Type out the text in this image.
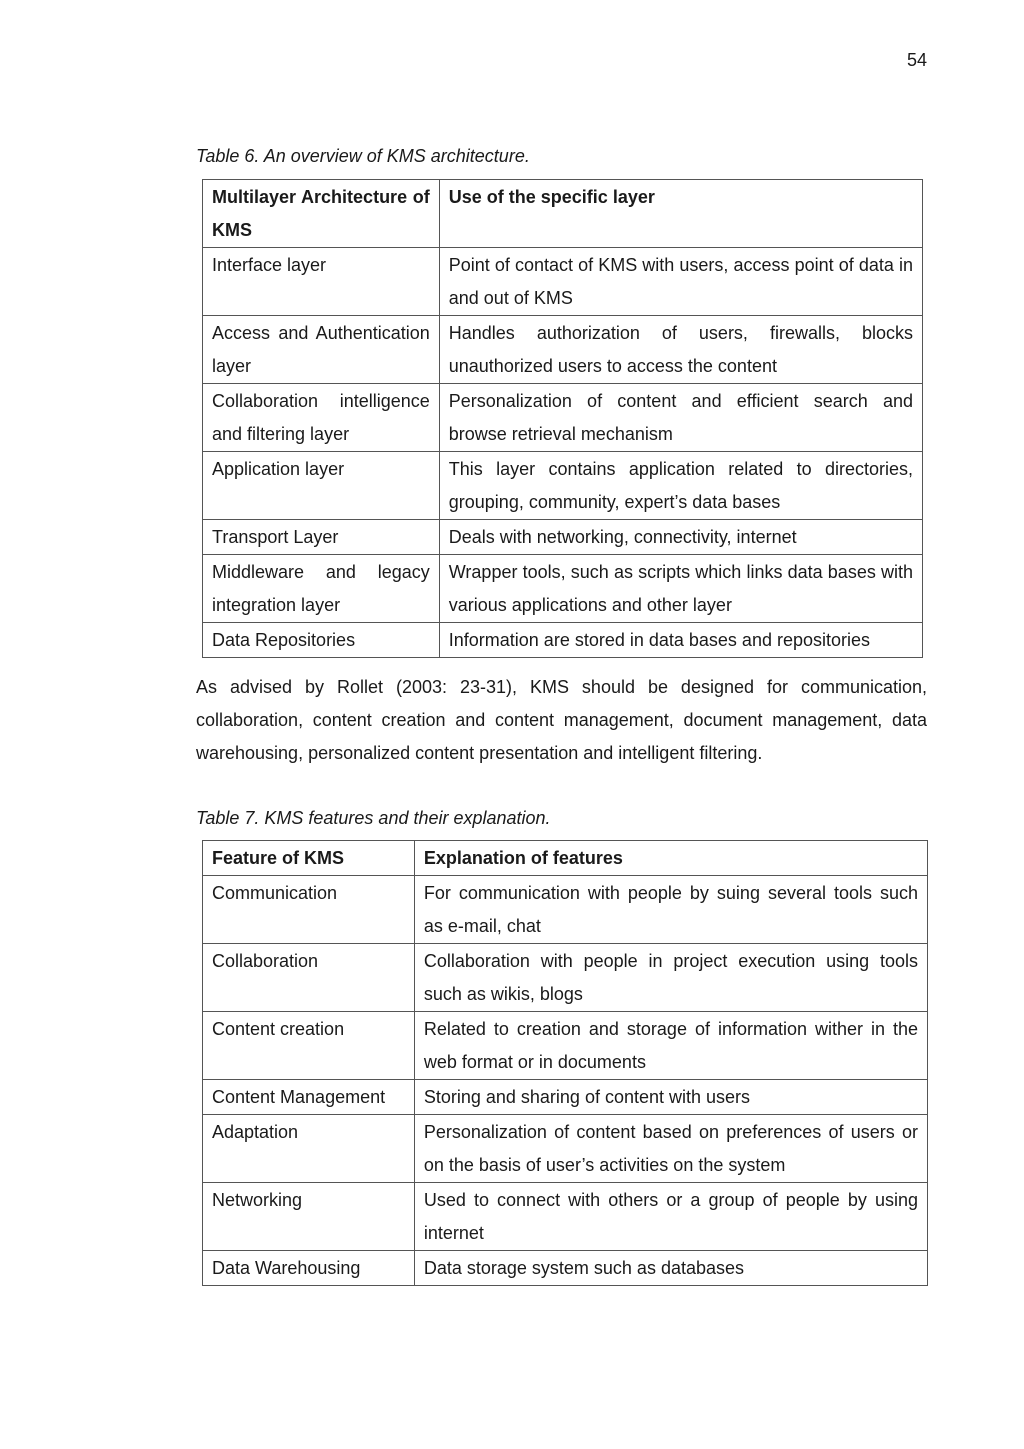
54
Table 6. An overview of KMS architecture.
Multilayer Architecture of KMS	Use of the specific layer
Interface layer	Point of contact of KMS with users, access point of data in and out of KMS
Access and Authentication layer	Handles authorization of users, firewalls, blocks unauthorized users to access the content
Collaboration intelligence and filtering layer	Personalization of content and efficient search and browse retrieval mechanism
Application layer	This layer contains application related to directories, grouping, community, expert’s data bases
Transport Layer	Deals with networking, connectivity, internet
Middleware and legacy integration layer	Wrapper tools, such as scripts which links data bases with various applications and other layer
Data Repositories	Information are stored in data bases and repositories
As advised by Rollet (2003: 23-31), KMS should be designed for communication, collaboration, content creation and content management, document management, data warehousing, personalized content presentation and intelligent filtering.
Table 7. KMS features and their explanation.
Feature of KMS	Explanation of features
Communication	For communication with people by suing several tools such as e-mail, chat
Collaboration	Collaboration with people in project execution using tools such as wikis, blogs
Content creation	Related to creation and storage of information wither in the web format or in documents
Content Management	Storing and sharing of content with users
Adaptation	Personalization of content based on preferences of users or on the basis of user’s activities on the system
Networking	Used to connect with others or a group of people by using internet
Data Warehousing	Data storage system such as databases
